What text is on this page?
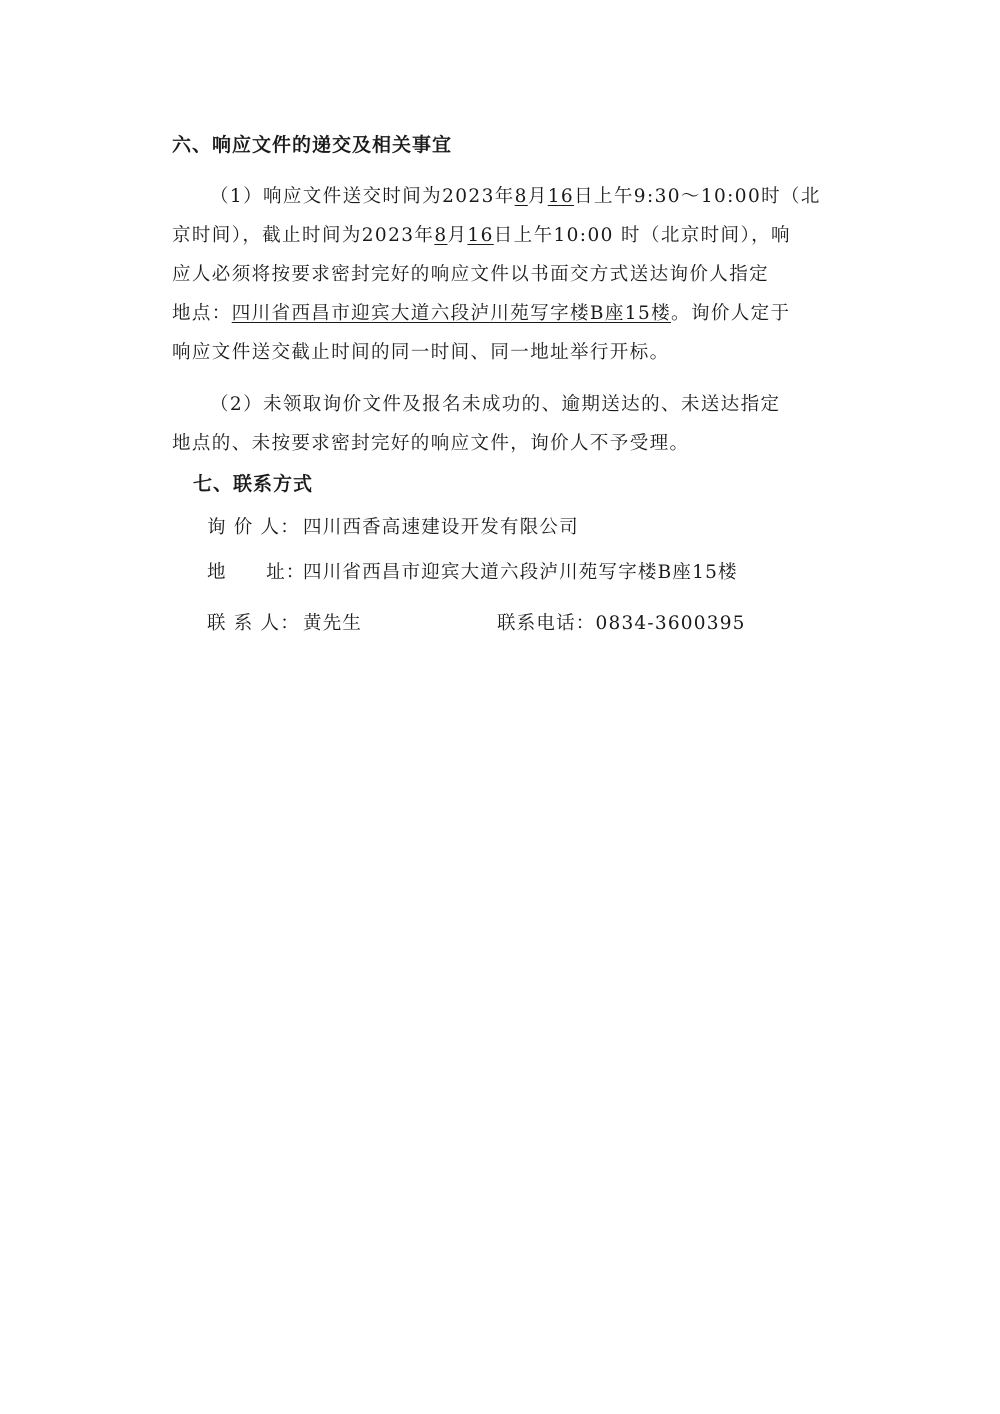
六、响应文件的递交及相关事宜
（1）响应文件送交时间为2023年8月16日上午9:30～10:00时（北
京时间），截止时间为2023年8月16日上午10:00 时（北京时间），响
应人必须将按要求密封完好的响应文件以书面交方式送达询价人指定
地点：四川省西昌市迎宾大道六段泸川苑写字楼B座15楼。询价人定于
响应文件送交截止时间的同一时间、同一地址举行开标。
（2）未领取询价文件及报名未成功的、逾期送达的、未送达指定
地点的、未按要求密封完好的响应文件，询价人不予受理。
七、联系方式
询 价 人： 四川西香高速建设开发有限公司
地　　址：四川省西昌市迎宾大道六段泸川苑写字楼B座15楼
联 系 人： 黄先生	联系电话：0834-3600395
